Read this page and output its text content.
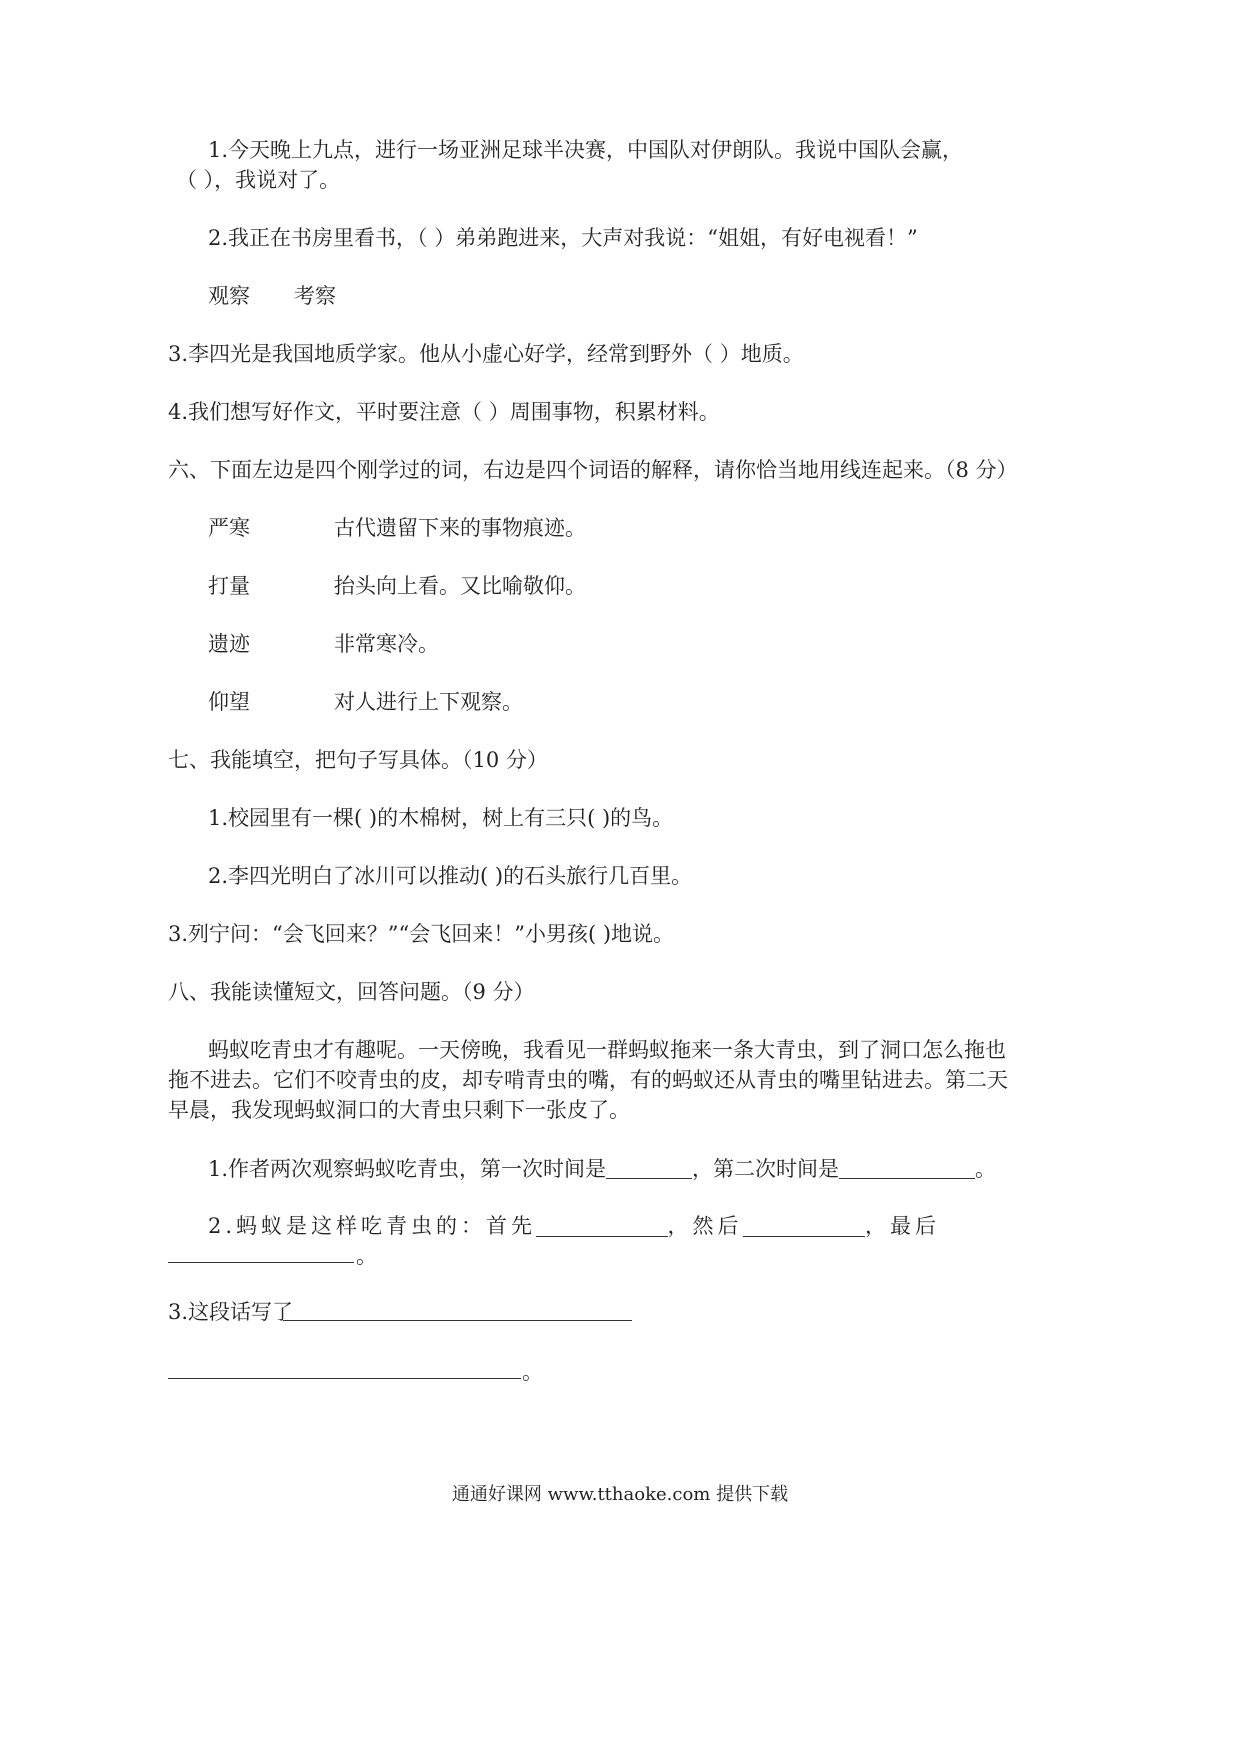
1.今天晚上九点，进行一场亚洲足球半决赛，中国队对伊朗队。我说中国队会赢，
（ ），我说对了。
2.我正在书房里看书，（ ）弟弟跑进来，大声对我说：“姐姐，有好电视看！”
观察 考察
3.李四光是我国地质学家。他从小虚心好学，经常到野外（ ）地质。
4.我们想写好作文，平时要注意（ ）周围事物，积累材料。
六、下面左边是四个刚学过的词，右边是四个词语的解释，请你恰当地用线连起来。（8 分）
严寒	古代遗留下来的事物痕迹。
打量	抬头向上看。又比喻敬仰。
遗迹	非常寒冷。
仰望	对人进行上下观察。
七、我能填空，把句子写具体。（10 分）
1.校园里有一棵( )的木棉树，树上有三只( )的鸟。
2.李四光明白了冰川可以推动( )的石头旅行几百里。
3.列宁问：“会飞回来？”“会飞回来！”小男孩( )地说。
八、我能读懂短文，回答问题。（9 分）
蚂蚁吃青虫才有趣呢。一天傍晚，我看见一群蚂蚁拖来一条大青虫，到了洞口怎么拖也
拖不进去。它们不咬青虫的皮，却专啃青虫的嘴，有的蚂蚁还从青虫的嘴里钻进去。第二天
早晨，我发现蚂蚁洞口的大青虫只剩下一张皮了。
1.作者两次观察蚂蚁吃青虫，第一次时间是	，第二次时间是	。
2.蚂蚁是这样吃青虫的：首先	，然后	，最后
。
3.这段话写了
。
通通好课网 www.tthaoke.com 提供下载
